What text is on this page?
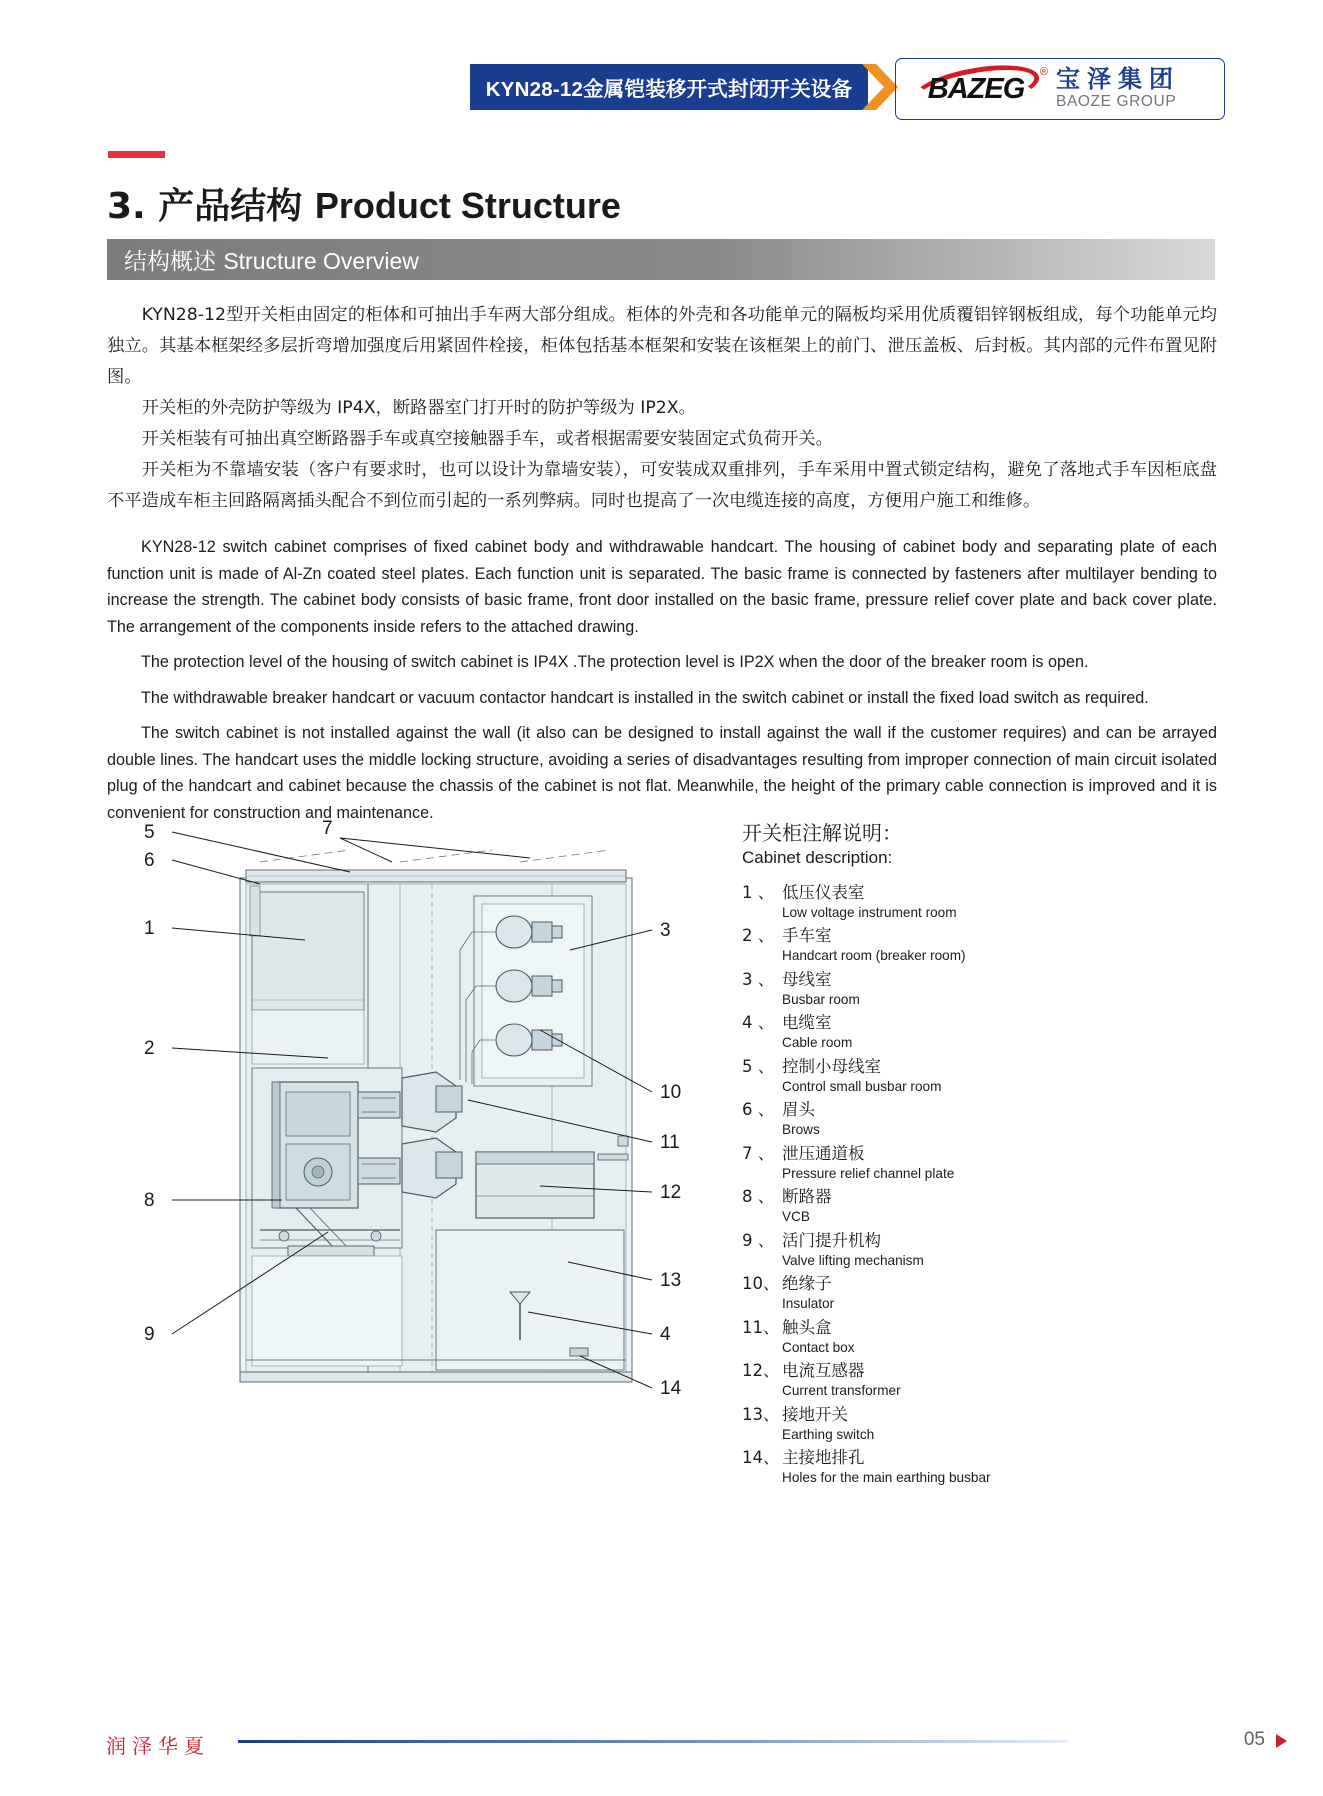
KYN28-12金属铠装移开式封闭开关设备	BAZEG
® 宝泽集团
BAOZE GROUP
3. 产品结构 Product Structure
结构概述 Structure Overview

KYN28-12型开关柜由固定的柜体和可抽出手车两大部分组成。柜体的外壳和各功能单元的隔板均采用优质覆铝锌钢板组成，每个功能单元均独立。其基本框架经多层折弯增加强度后用紧固件栓接，柜体包括基本框架和安装在该框架上的前门、泄压盖板、后封板。其内部的元件布置见附图。

开关柜的外壳防护等级为 IP4X，断路器室门打开时的防护等级为 IP2X。

开关柜装有可抽出真空断路器手车或真空接触器手车，或者根据需要安装固定式负荷开关。

开关柜为不靠墙安装（客户有要求时，也可以设计为靠墙安装），可安装成双重排列，手车采用中置式锁定结构，避免了落地式手车因柜底盘不平造成车柜主回路隔离插头配合不到位而引起的一系列弊病。同时也提高了一次电缆连接的高度，方便用户施工和维修。

KYN28-12 switch cabinet comprises of fixed cabinet body and withdrawable handcart. The housing of cabinet body and separating plate of each function unit is made of Al-Zn coated steel plates. Each function unit is separated. The basic frame is connected by fasteners after multilayer bending to increase the strength. The cabinet body consists of basic frame, front door installed on the basic frame, pressure relief cover plate and back cover plate. The arrangement of the components inside refers to the attached drawing.

The protection level of the housing of switch cabinet is IP4X .The protection level is IP2X when the door of the breaker room is open.

The withdrawable breaker handcart or vacuum contactor handcart is installed in the switch cabinet or install the fixed load switch as required.

The switch cabinet is not installed against the wall (it also can be designed to install against the wall if the customer requires) and can be arrayed double lines. The handcart uses the middle locking structure, avoiding a series of disadvantages resulting from improper connection of main circuit isolated plug of the handcart and cabinet because the chassis of the cabinet is not flat. Meanwhile, the height of the primary cable connection is improved and it is convenient for construction and maintenance.

5
6
1
2
8
9
7
3
10
11
12
13
4
14
开关柜注解说明：
Cabinet description:
1 、 低压仪表室
Low voltage instrument room
2 、 手车室
Handcart room (breaker room)
3 、 母线室
Busbar room
4 、 电缆室
Cable room
5 、 控制小母线室
Control small busbar room
6 、 眉头
Brows
7 、 泄压通道板
Pressure relief channel plate
8 、 断路器
VCB
9 、 活门提升机构
Valve lifting mechanism
10、 绝缘子
Insulator
11、 触头盒
Contact box
12、 电流互感器
Current transformer
13、 接地开关
Earthing switch
14、 主接地排孔
Holes for the main earthing busbar
润泽华夏	05
